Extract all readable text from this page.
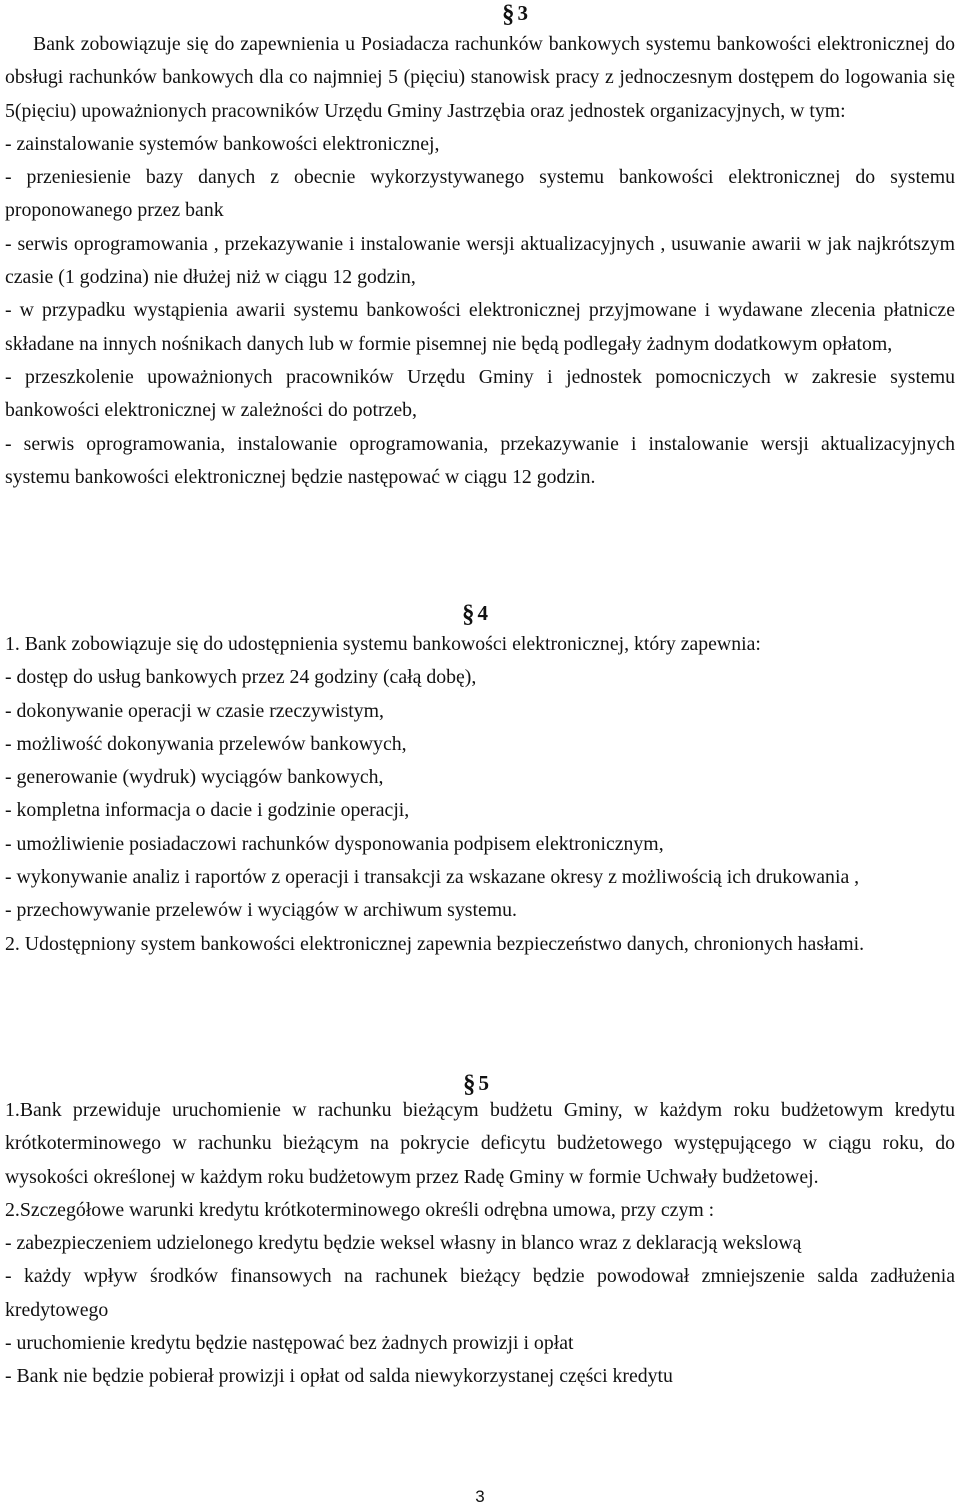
§ 3

Bank zobowiązuje się do zapewnienia u Posiadacza rachunków bankowych systemu bankowości elektronicznej do obsługi rachunków bankowych dla co najmniej 5 (pięciu) stanowisk pracy z jednoczesnym dostępem do logowania się 5(pięciu) upoważnionych pracowników Urzędu Gminy Jastrzębia oraz jednostek organizacyjnych, w tym:

- zainstalowanie systemów bankowości elektronicznej,

- przeniesienie bazy danych z obecnie wykorzystywanego systemu bankowości elektronicznej do systemu proponowanego przez bank

- serwis oprogramowania , przekazywanie i instalowanie wersji aktualizacyjnych , usuwanie awarii w jak najkrótszym czasie (1 godzina) nie dłużej niż w ciągu 12 godzin,

- w przypadku wystąpienia awarii systemu bankowości elektronicznej przyjmowane i wydawane zlecenia płatnicze składane na innych nośnikach danych lub w formie pisemnej nie będą podlegały żadnym dodatkowym opłatom,

- przeszkolenie upoważnionych pracowników Urzędu Gminy i jednostek pomocniczych w zakresie systemu bankowości elektronicznej w zależności do potrzeb,

- serwis oprogramowania, instalowanie oprogramowania, przekazywanie i instalowanie wersji aktualizacyjnych systemu bankowości elektronicznej będzie następować w ciągu 12 godzin.

§ 4

1. Bank zobowiązuje się do udostępnienia systemu bankowości elektronicznej, który zapewnia:

- dostęp do usług bankowych przez 24 godziny (całą dobę),

- dokonywanie operacji w czasie rzeczywistym,

- możliwość dokonywania przelewów bankowych,

- generowanie (wydruk) wyciągów bankowych,

- kompletna informacja o dacie i godzinie operacji,

- umożliwienie posiadaczowi rachunków dysponowania podpisem elektronicznym,

- wykonywanie analiz i raportów z operacji i transakcji za wskazane okresy z możliwością ich drukowania ,

- przechowywanie przelewów i wyciągów w archiwum systemu.

2. Udostępniony system bankowości elektronicznej zapewnia bezpieczeństwo danych, chronionych hasłami.

§ 5

1.Bank przewiduje uruchomienie w rachunku bieżącym budżetu Gminy, w każdym roku budżetowym kredytu krótkoterminowego w rachunku bieżącym na pokrycie deficytu budżetowego występującego w ciągu roku, do wysokości określonej w każdym roku budżetowym przez Radę Gminy w formie Uchwały budżetowej.

2.Szczegółowe warunki kredytu krótkoterminowego określi odrębna umowa, przy czym :

- zabezpieczeniem udzielonego kredytu będzie weksel własny in blanco wraz z deklaracją wekslową

- każdy wpływ środków finansowych na rachunek bieżący będzie powodował zmniejszenie salda zadłużenia kredytowego

- uruchomienie kredytu będzie następować bez żadnych prowizji i opłat

- Bank nie będzie pobierał prowizji i opłat od salda niewykorzystanej części kredytu

3
